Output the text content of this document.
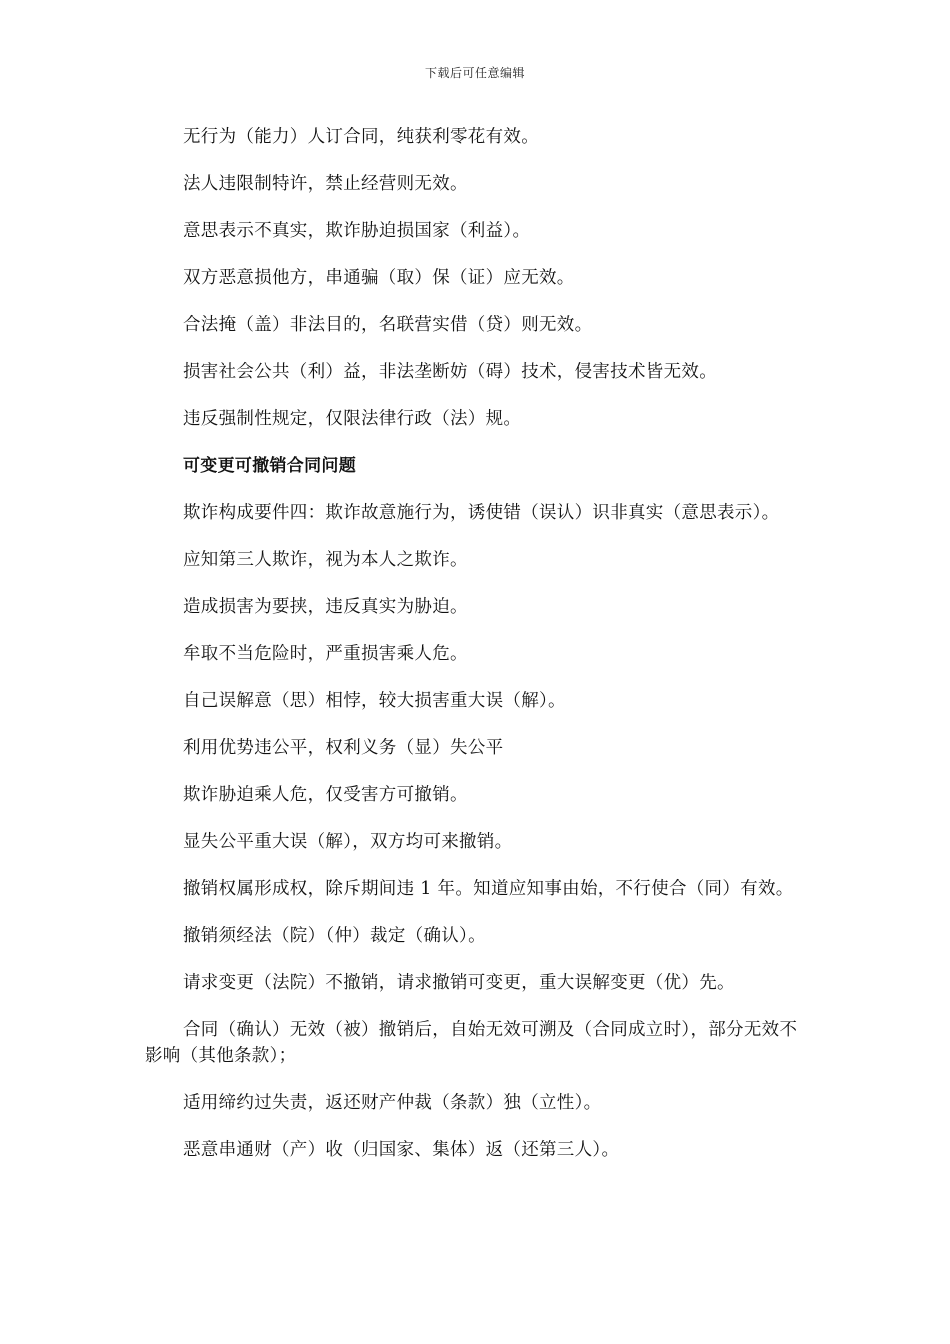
下载后可任意编辑

无行为（能力）人订合同，纯获利零花有效。

法人违限制特许，禁止经营则无效。

意思表示不真实，欺诈胁迫损国家（利益）。

双方恶意损他方，串通骗（取）保（证）应无效。

合法掩（盖）非法目的，名联营实借（贷）则无效。

损害社会公共（利）益，非法垄断妨（碍）技术，侵害技术皆无效。

违反强制性规定，仅限法律行政（法）规。

可变更可撤销合同问题

欺诈构成要件四：欺诈故意施行为，诱使错（误认）识非真实（意思表示）。

应知第三人欺诈，视为本人之欺诈。

造成损害为要挟，违反真实为胁迫。

牟取不当危险时，严重损害乘人危。

自己误解意（思）相悖，较大损害重大误（解）。

利用优势违公平，权利义务（显）失公平

欺诈胁迫乘人危，仅受害方可撤销。

显失公平重大误（解），双方均可来撤销。

撤销权属形成权，除斥期间违 1 年。知道应知事由始，不行使合（同）有效。

撤销须经法（院）（仲）裁定（确认）。

请求变更（法院）不撤销，请求撤销可变更，重大误解变更（优）先。

合同（确认）无效（被）撤销后，自始无效可溯及（合同成立时），部分无效不影响（其他条款）；

适用缔约过失责，返还财产仲裁（条款）独（立性）。

恶意串通财（产）收（归国家、集体）返（还第三人）。
